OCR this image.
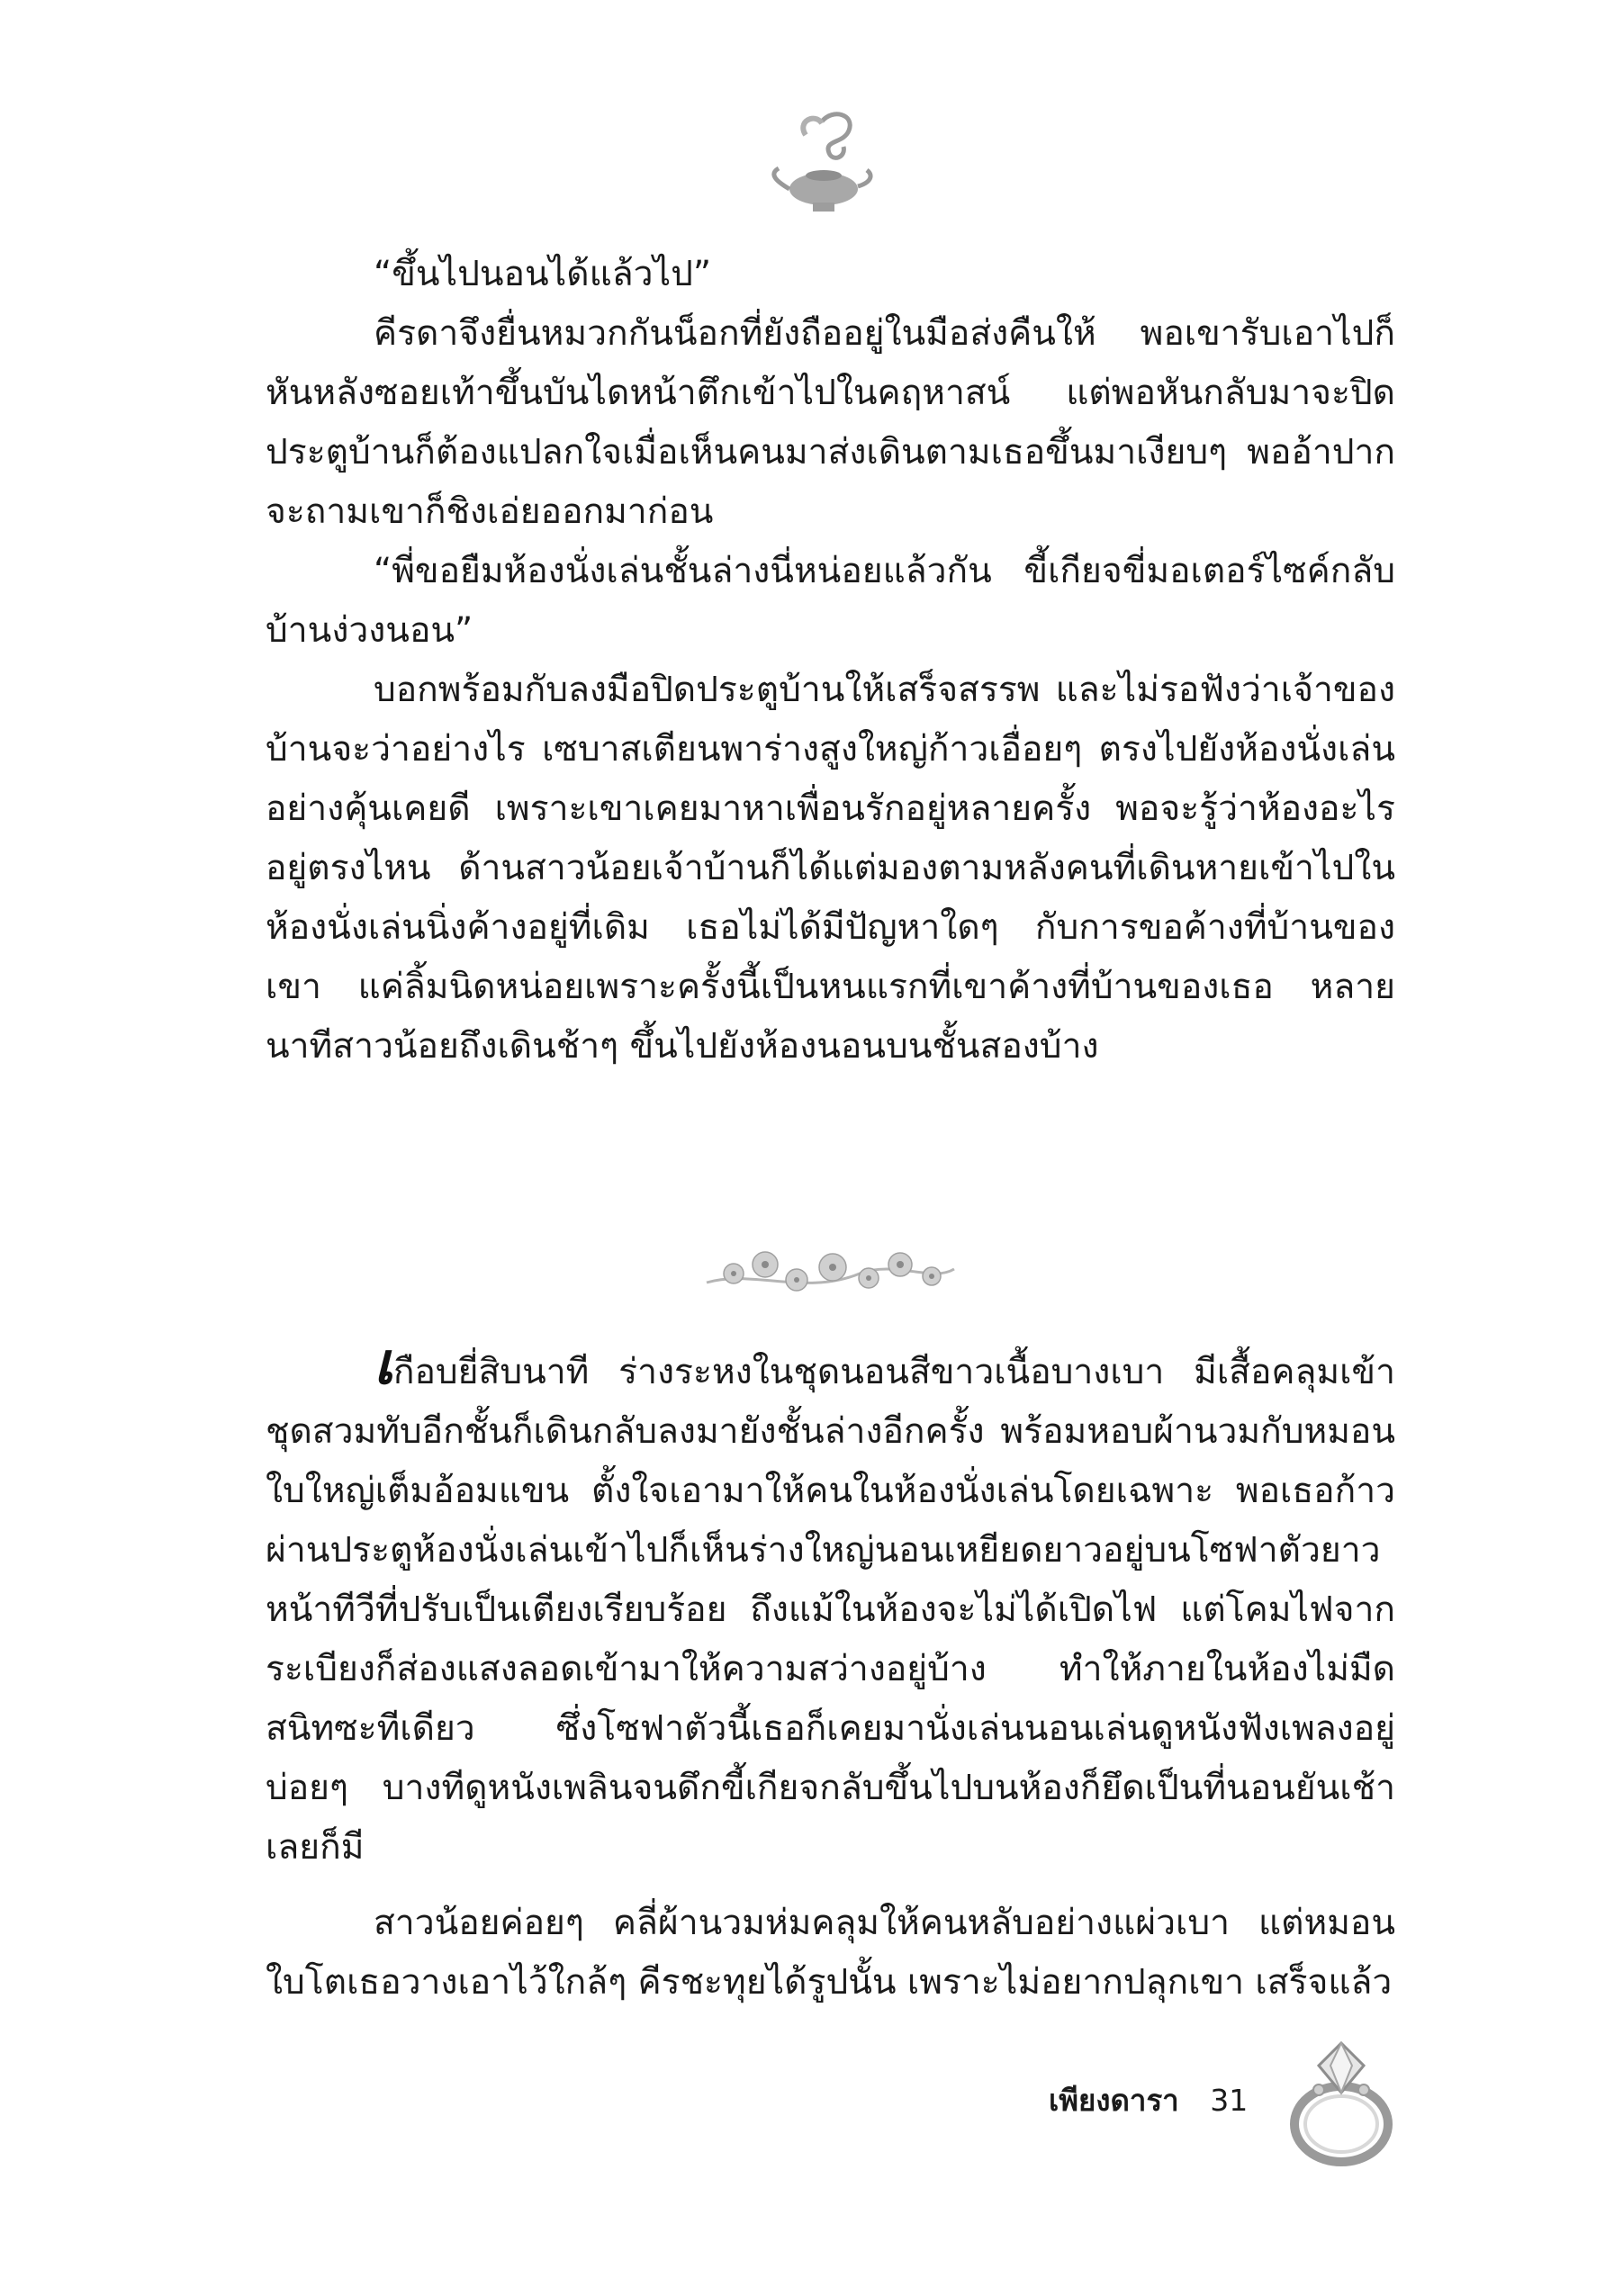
“ขึ้นไปนอนได้แล้วไป”

คีรดาจึงยื่นหมวกกันน็อกที่ยังถืออยู่ในมือส่งคืนให้ พอเขารับเอาไปก็หันหลังซอยเท้าขึ้นบันไดหน้าตึกเข้าไปในคฤหาสน์ แต่พอหันกลับมาจะปิดประตูบ้านก็ต้องแปลกใจเมื่อเห็นคนมาส่งเดินตามเธอขึ้นมาเงียบๆ พออ้าปากจะถามเขาก็ชิงเอ่ยออกมาก่อน

“พี่ขอยืมห้องนั่งเล่นชั้นล่างนี่หน่อยแล้วกัน ขี้เกียจขี่มอเตอร์ไซค์กลับบ้านง่วงนอน”

บอกพร้อมกับลงมือปิดประตูบ้านให้เสร็จสรรพ และไม่รอฟังว่าเจ้าของบ้านจะว่าอย่างไร เซบาสเตียนพาร่างสูงใหญ่ก้าวเอื่อยๆ ตรงไปยังห้องนั่งเล่นอย่างคุ้นเคยดี เพราะเขาเคยมาหาเพื่อนรักอยู่หลายครั้ง พอจะรู้ว่าห้องอะไรอยู่ตรงไหน ด้านสาวน้อยเจ้าบ้านก็ได้แต่มองตามหลังคนที่เดินหายเข้าไปในห้องนั่งเล่นนิ่งค้างอยู่ที่เดิม เธอไม่ได้มีปัญหาใดๆ กับการขอค้างที่บ้านของเขา แค่ลิ้มนิดหน่อยเพราะครั้งนี้เป็นหนแรกที่เขาค้างที่บ้านของเธอ หลายนาทีสาวน้อยถึงเดินช้าๆ ขึ้นไปยังห้องนอนบนชั้นสองบ้าง

เกือบยี่สิบนาที ร่างระหงในชุดนอนสีขาวเนื้อบางเบา มีเสื้อคลุมเข้าชุดสวมทับอีกชั้นก็เดินกลับลงมายังชั้นล่างอีกครั้ง พร้อมหอบผ้านวมกับหมอนใบใหญ่เต็มอ้อมแขน ตั้งใจเอามาให้คนในห้องนั่งเล่นโดยเฉพาะ พอเธอก้าวผ่านประตูห้องนั่งเล่นเข้าไปก็เห็นร่างใหญ่นอนเหยียดยาวอยู่บนโซฟาตัวยาวหน้าทีวีที่ปรับเป็นเตียงเรียบร้อย ถึงแม้ในห้องจะไม่ได้เปิดไฟ แต่โคมไฟจากระเบียงก็ส่องแสงลอดเข้ามาให้ความสว่างอยู่บ้าง ทำให้ภายในห้องไม่มืดสนิทซะทีเดียว ซึ่งโซฟาตัวนี้เธอก็เคยมานั่งเล่นนอนเล่นดูหนังฟังเพลงอยู่บ่อยๆ บางทีดูหนังเพลินจนดึกขี้เกียจกลับขึ้นไปบนห้องก็ยึดเป็นที่นอนยันเช้าเลยก็มี

สาวน้อยค่อยๆ คลี่ผ้านวมห่มคลุมให้คนหลับอย่างแผ่วเบา แต่หมอนใบโตเธอวางเอาไว้ใกล้ๆ คีรชะทุยได้รูปนั้น เพราะไม่อยากปลุกเขา เสร็จแล้ว

เพียงดารา 31
